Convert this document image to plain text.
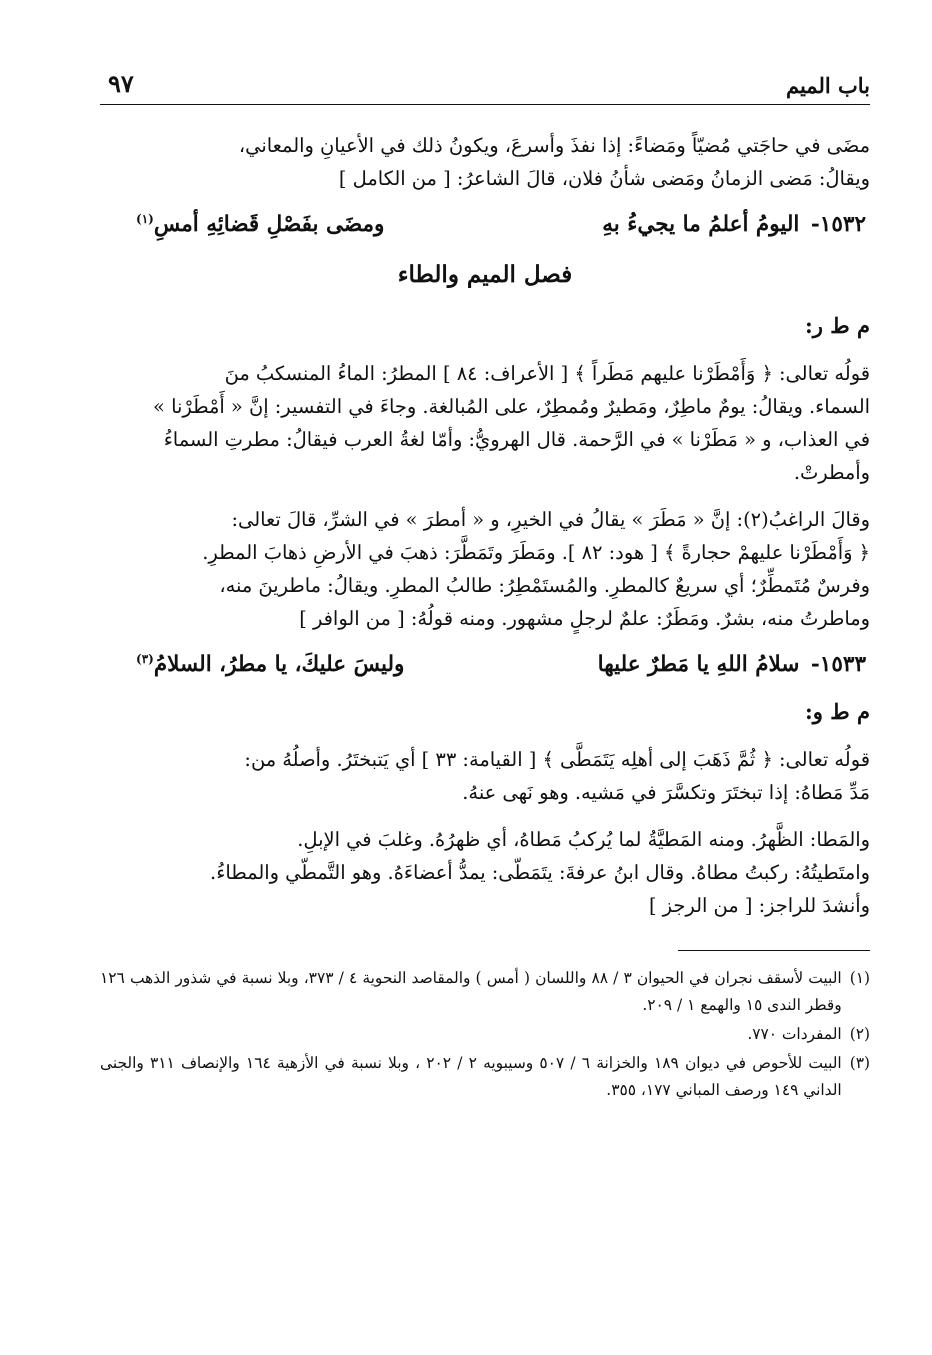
باب الميم
٩٧

مضَى في حاجَتي مُضيّاً ومَضاءً: إذا نفذَ وأسرعَ، ويكونُ ذلك في الأعيانِ والمعاني،

ويقالُ: مَضى الزمانُ ومَضى شأنُ فلان، قالَ الشاعرُ: [ من الكامل ]

١٥٣٢- اليومُ أعلمُ ما يجيءُ بهِ
ومضَى بفَصْلِ قَضائِهِ أمسِ$^{(١)}$
فصل الميم والطاء
م ط ر:

قولُه تعالى: ﴿ وَأَمْطَرْنا عليهم مَطَراً ﴾ [ الأعراف: ٨٤ ] المطرُ: الماءُ المنسكبُ منَ

السماء. ويقالُ: يومٌ ماطِرٌ، ومَطيرٌ ومُمطِرٌ، على المُبالغة. وجاءَ في التفسير: إنَّ « أَمْطَرْنا »

في العذاب، و « مَطَرْنا » في الرَّحمة. قال الهرويُّ: وأمّا لغةُ العرب فيقالُ: مطرتِ السماءُ

وأمطرتْ.

وقالَ الراغبُ(٢): إنَّ « مَطَرَ » يقالُ في الخيرِ، و « أمطرَ » في الشرِّ، قالَ تعالى:

﴿ وَأَمْطَرْنا عليهمْ حجارةً ﴾ [ هود: ٨٢ ]. ومَطَرَ وتَمَطَّرَ: ذهبَ في الأرضِ ذهابَ المطرِ.

وفرسٌ مُتَمطِّرٌ؛ أي سريعٌ كالمطرِ. والمُستَمْطِرُ: طالبُ المطرِ. ويقالُ: ماطرينَ منه،

وماطرتُ منه، بشرٌ. ومَطَرٌ: علمٌ لرجلٍ مشهور. ومنه قولُهُ: [ من الوافر ]

١٥٣٣- سلامُ اللهِ يا مَطرٌ عليها
وليسَ عليكَ، يا مطرُ، السلامُ$^{(٣)}$
م ط و:

قولُه تعالى: ﴿ ثُمَّ ذَهَبَ إلى أهلِه يَتَمَطَّى ﴾ [ القيامة: ٣٣ ] أي يَتبختَرُ. وأصلُهُ من:

مَدِّ مَطاهُ: إذا تبختَرَ وتكسَّرَ في مَشيه. وهو نَهى عنهُ.

والمَطا: الظَّهرُ. ومنه المَطيَّةُ لما يُركبُ مَطاهُ، أي ظهرُهُ. وغلبَ في الإبلِ.

وامتَطيتُهُ: ركبتُ مطاهُ. وقال ابنُ عرفةَ: يتَمَطّى: يمدُّ أعضاءَهُ. وهو التَّمطّي والمطاءُ.

وأنشدَ للراجز: [ من الرجز ]

(١)
البيت لأسقف نجران في الحيوان ٣ / ٨٨ واللسان ( أمس ) والمقاصد النحوية ٤ / ٣٧٣، وبلا نسبة في شذور الذهب ١٢٦ وقطر الندى ١٥ والهمع ١ / ٢٠٩.
(٢)
المفردات ٧٧٠.
(٣)
البيت للأحوص في ديوان ١٨٩ والخزانة ٦ / ٥٠٧ وسيبويه ٢ / ٢٠٢ ، وبلا نسبة في الأزهية ١٦٤ والإنصاف ٣١١ والجنى الداني ١٤٩ ورصف المباني ١٧٧، ٣٥٥.
